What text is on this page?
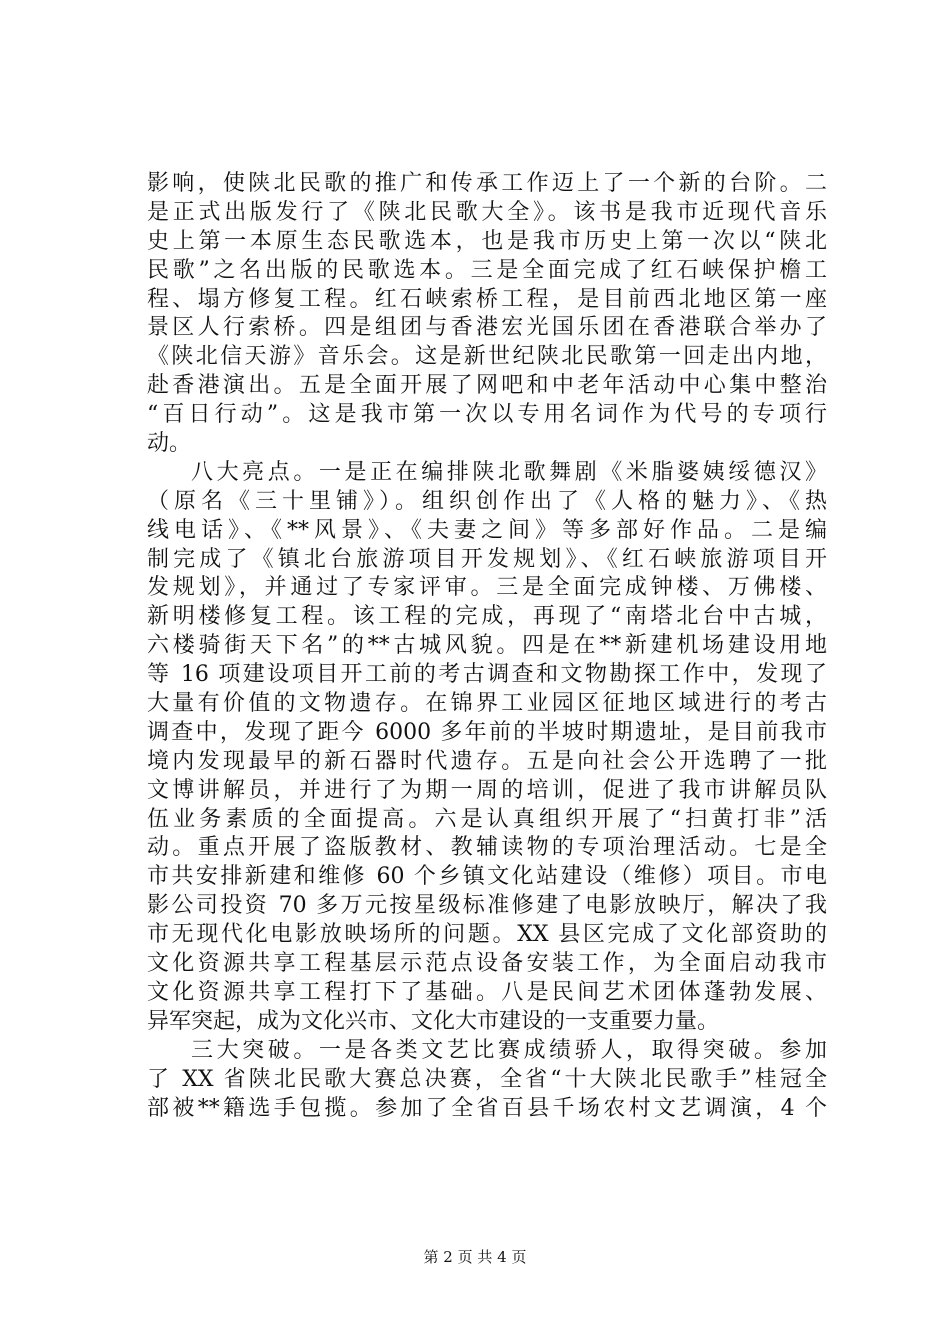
影响，使陕北民歌的推广和传承工作迈上了一个新的台阶。二
是正式出版发行了《陕北民歌大全》。该书是我市近现代音乐
史上第一本原生态民歌选本，也是我市历史上第一次以“陕北
民歌”之名出版的民歌选本。三是全面完成了红石峡保护檐工
程、塌方修复工程。红石峡索桥工程，是目前西北地区第一座
景区人行索桥。四是组团与香港宏光国乐团在香港联合举办了
《陕北信天游》音乐会。这是新世纪陕北民歌第一回走出内地，
赴香港演出。五是全面开展了网吧和中老年活动中心集中整治
“百日行动”。这是我市第一次以专用名词作为代号的专项行
动。
八大亮点。一是正在编排陕北歌舞剧《米脂婆姨绥德汉》
（原名《三十里铺》）。组织创作出了《人格的魅力》、《热
线电话》、《**风景》、《夫妻之间》等多部好作品。二是编
制完成了《镇北台旅游项目开发规划》、《红石峡旅游项目开
发规划》，并通过了专家评审。三是全面完成钟楼、万佛楼、
新明楼修复工程。该工程的完成，再现了“南塔北台中古城，
六楼骑街天下名”的**古城风貌。四是在**新建机场建设用地
等 16 项建设项目开工前的考古调查和文物勘探工作中，发现了
大量有价值的文物遗存。在锦界工业园区征地区域进行的考古
调查中，发现了距今 6000 多年前的半坡时期遗址，是目前我市
境内发现最早的新石器时代遗存。五是向社会公开选聘了一批
文博讲解员，并进行了为期一周的培训，促进了我市讲解员队
伍业务素质的全面提高。六是认真组织开展了“扫黄打非”活
动。重点开展了盗版教材、教辅读物的专项治理活动。七是全
市共安排新建和维修 60 个乡镇文化站建设（维修）项目。市电
影公司投资 70 多万元按星级标准修建了电影放映厅，解决了我
市无现代化电影放映场所的问题。XX 县区完成了文化部资助的
文化资源共享工程基层示范点设备安装工作，为全面启动我市
文化资源共享工程打下了基础。八是民间艺术团体蓬勃发展、
异军突起，成为文化兴市、文化大市建设的一支重要力量。
三大突破。一是各类文艺比赛成绩骄人，取得突破。参加
了 XX 省陕北民歌大赛总决赛，全省“十大陕北民歌手”桂冠全
部被**籍选手包揽。参加了全省百县千场农村文艺调演，4 个
第 2 页 共 4 页
